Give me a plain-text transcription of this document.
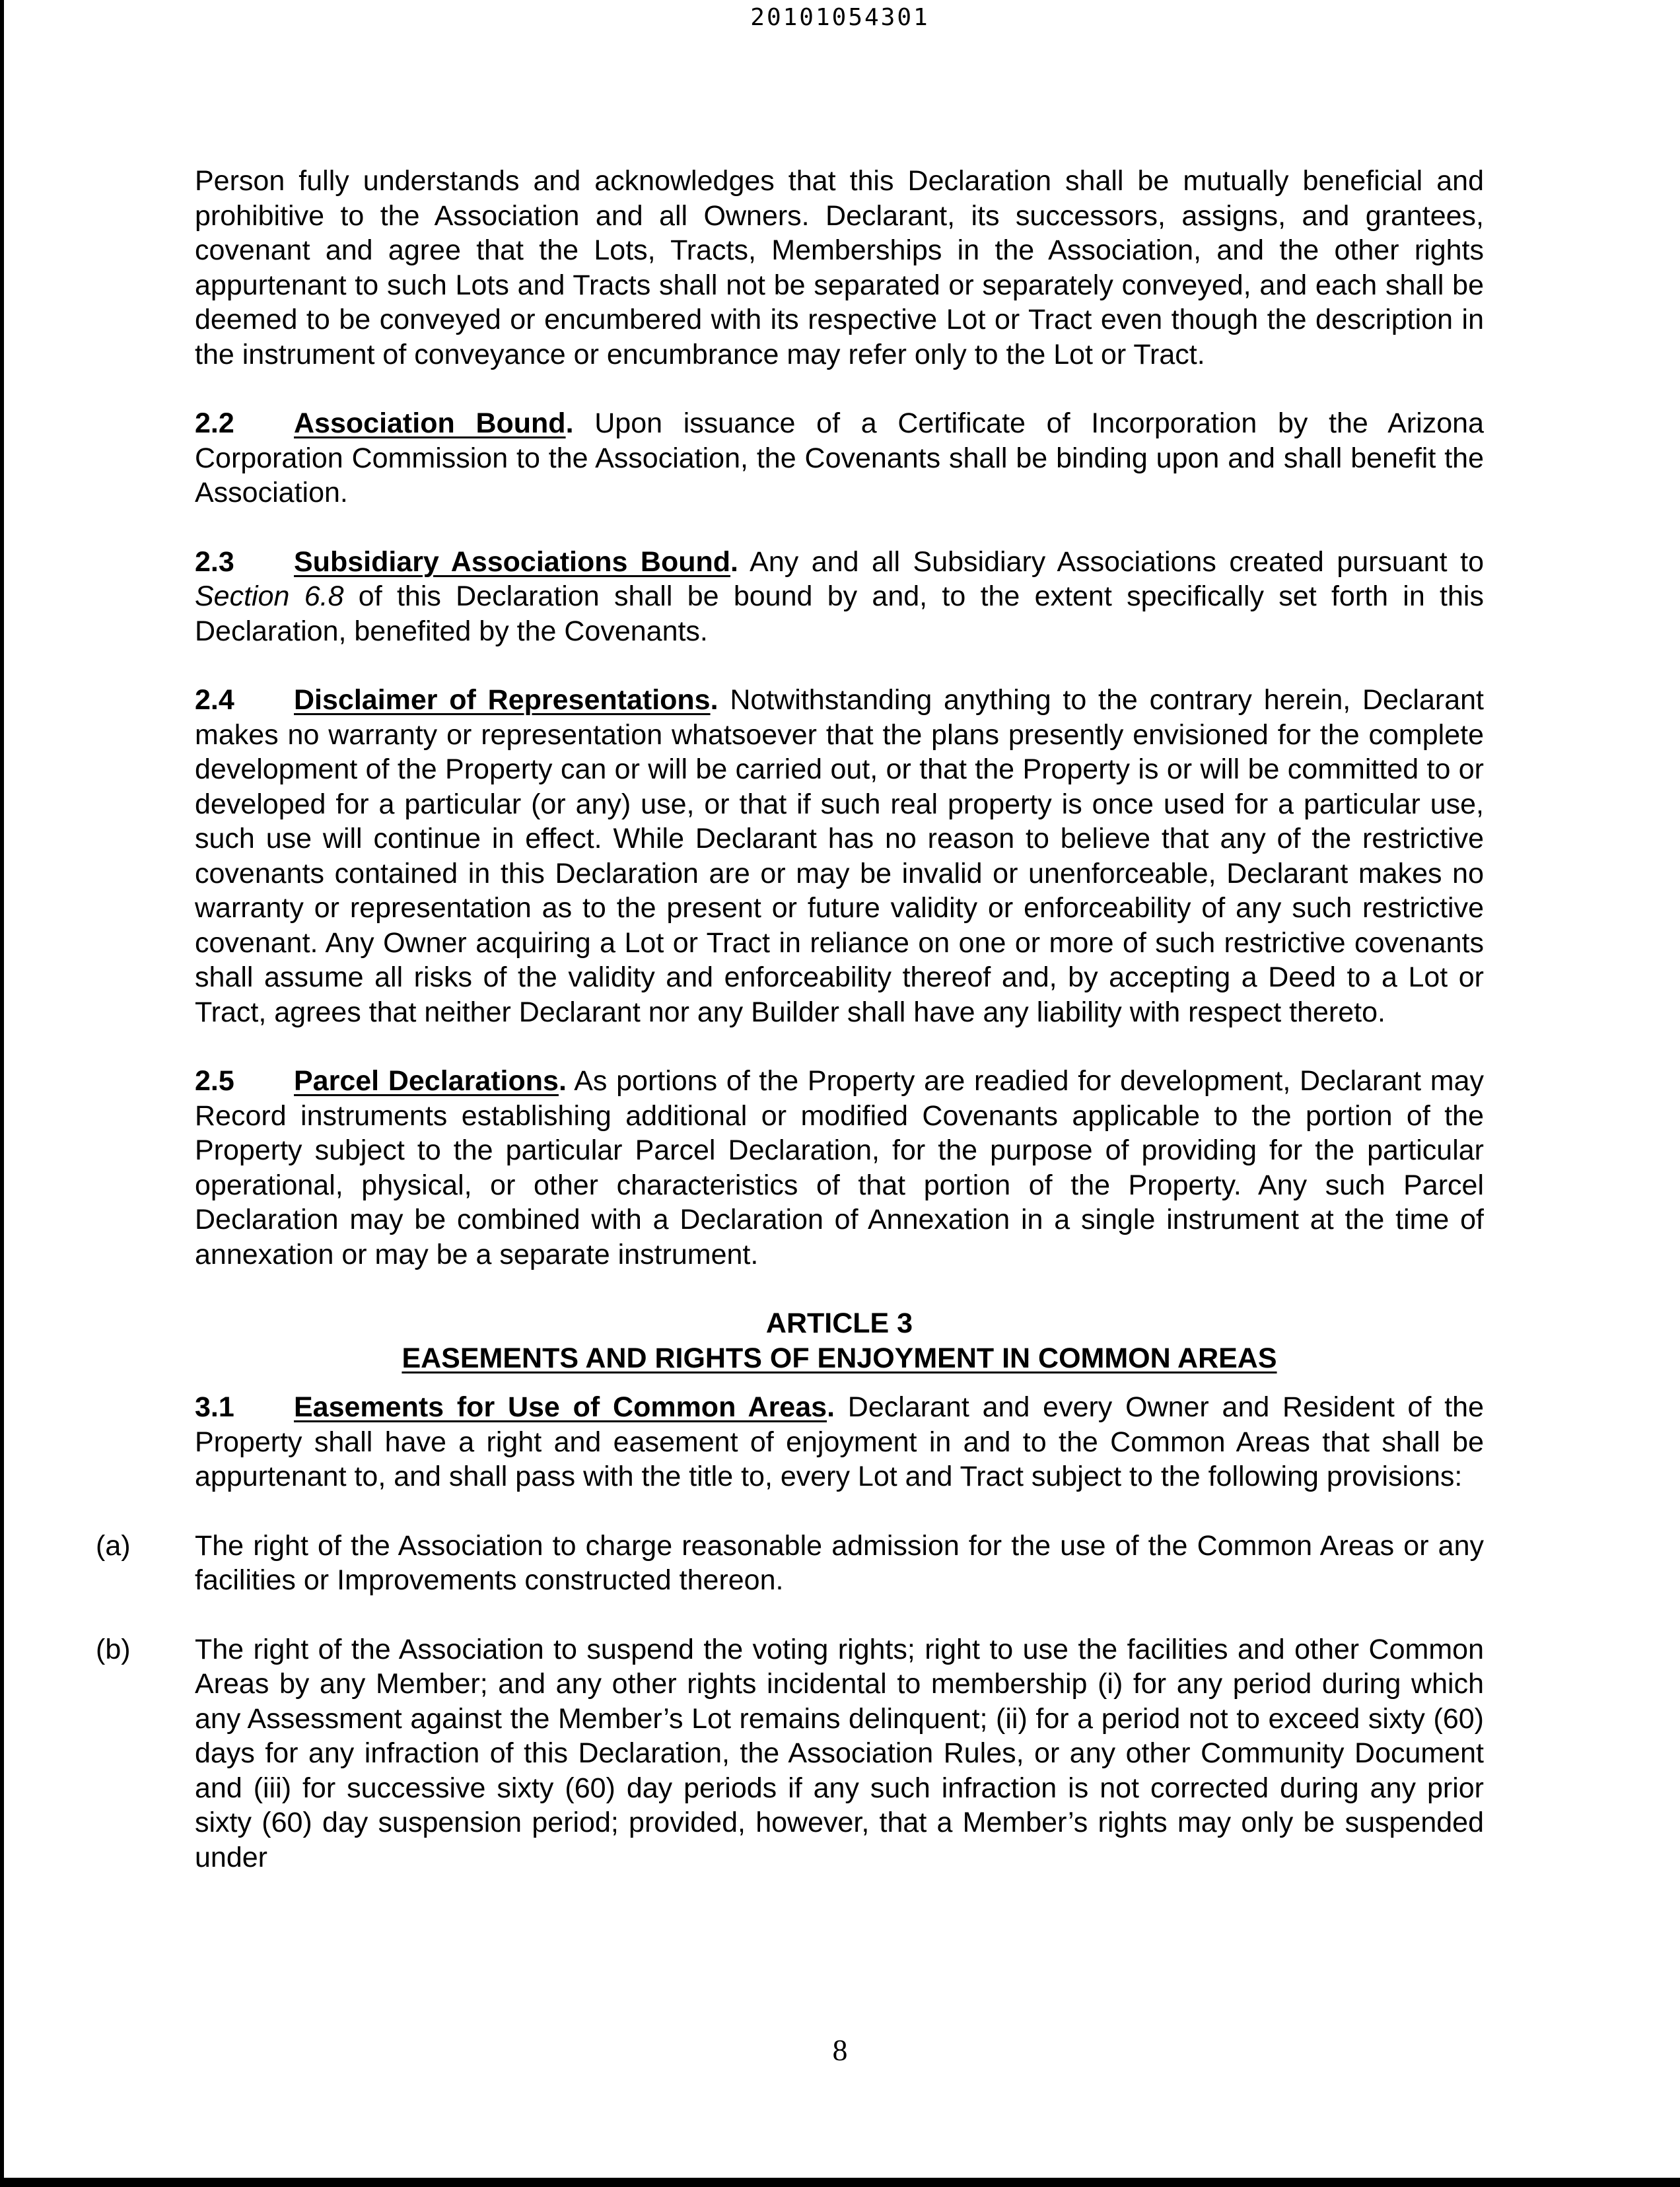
20101054301

Person fully understands and acknowledges that this Declaration shall be mutually beneficial and prohibitive to the Association and all Owners. Declarant, its successors, assigns, and grantees, covenant and agree that the Lots, Tracts, Memberships in the Association, and the other rights appurtenant to such Lots and Tracts shall not be separated or separately conveyed, and each shall be deemed to be conveyed or encumbered with its respective Lot or Tract even though the description in the instrument of conveyance or encumbrance may refer only to the Lot or Tract.

2.2 Association Bound. Upon issuance of a Certificate of Incorporation by the Arizona Corporation Commission to the Association, the Covenants shall be binding upon and shall benefit the Association.

2.3 Subsidiary Associations Bound. Any and all Subsidiary Associations created pursuant to Section 6.8 of this Declaration shall be bound by and, to the extent specifically set forth in this Declaration, benefited by the Covenants.

2.4 Disclaimer of Representations. Notwithstanding anything to the contrary herein, Declarant makes no warranty or representation whatsoever that the plans presently envisioned for the complete development of the Property can or will be carried out, or that the Property is or will be committed to or developed for a particular (or any) use, or that if such real property is once used for a particular use, such use will continue in effect. While Declarant has no reason to believe that any of the restrictive covenants contained in this Declaration are or may be invalid or unenforceable, Declarant makes no warranty or representation as to the present or future validity or enforceability of any such restrictive covenant. Any Owner acquiring a Lot or Tract in reliance on one or more of such restrictive covenants shall assume all risks of the validity and enforceability thereof and, by accepting a Deed to a Lot or Tract, agrees that neither Declarant nor any Builder shall have any liability with respect thereto.

2.5 Parcel Declarations. As portions of the Property are readied for development, Declarant may Record instruments establishing additional or modified Covenants applicable to the portion of the Property subject to the particular Parcel Declaration, for the purpose of providing for the particular operational, physical, or other characteristics of that portion of the Property. Any such Parcel Declaration may be combined with a Declaration of Annexation in a single instrument at the time of annexation or may be a separate instrument.

ARTICLE 3
EASEMENTS AND RIGHTS OF ENJOYMENT IN COMMON AREAS

3.1 Easements for Use of Common Areas. Declarant and every Owner and Resident of the Property shall have a right and easement of enjoyment in and to the Common Areas that shall be appurtenant to, and shall pass with the title to, every Lot and Tract subject to the following provisions:

(a) The right of the Association to charge reasonable admission for the use of the Common Areas or any facilities or Improvements constructed thereon.

(b) The right of the Association to suspend the voting rights; right to use the facilities and other Common Areas by any Member; and any other rights incidental to membership (i) for any period during which any Assessment against the Member’s Lot remains delinquent; (ii) for a period not to exceed sixty (60) days for any infraction of this Declaration, the Association Rules, or any other Community Document and (iii) for successive sixty (60) day periods if any such infraction is not corrected during any prior sixty (60) day suspension period; provided, however, that a Member’s rights may only be suspended under

8
